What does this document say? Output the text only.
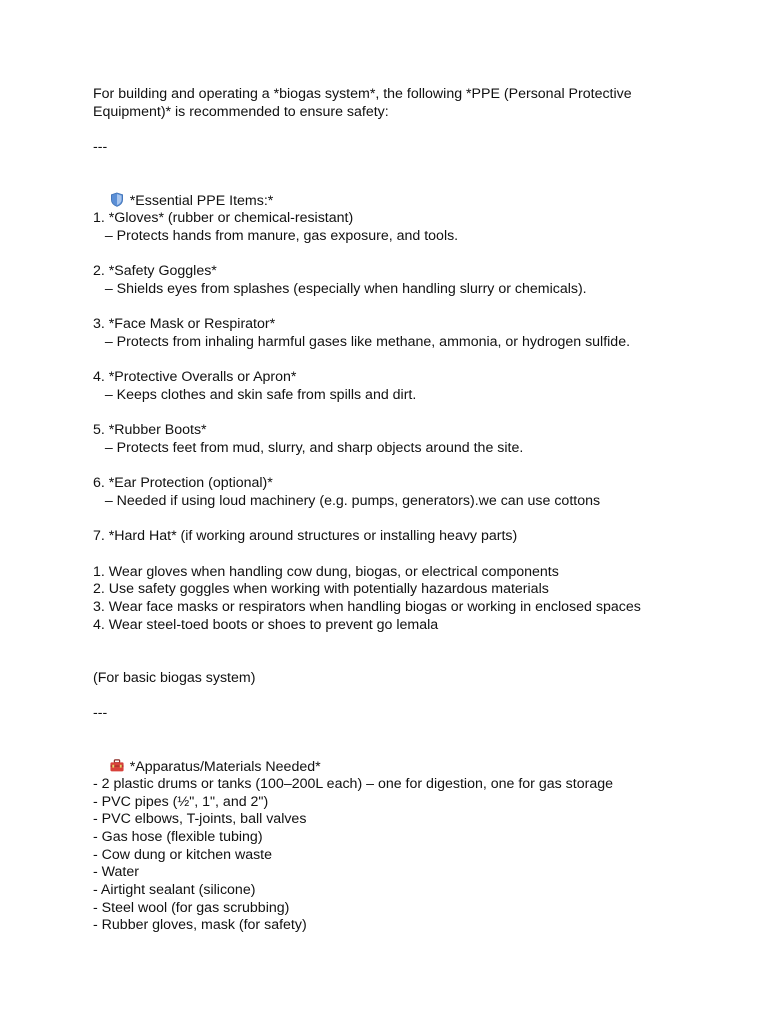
For building and operating a *biogas system*, the following *PPE (Personal Protective
Equipment)* is recommended to ensure safety:
---

*Essential PPE Items:*

1. *Gloves* (rubber or chemical-resistant)
– Protects hands from manure, gas exposure, and tools.
2. *Safety Goggles*
– Shields eyes from splashes (especially when handling slurry or chemicals).
3. *Face Mask or Respirator*
– Protects from inhaling harmful gases like methane, ammonia, or hydrogen sulfide.
4. *Protective Overalls or Apron*
– Keeps clothes and skin safe from spills and dirt.
5. *Rubber Boots*
– Protects feet from mud, slurry, and sharp objects around the site.
6. *Ear Protection (optional)*
– Needed if using loud machinery (e.g. pumps, generators).we can use cottons
7. *Hard Hat* (if working around structures or installing heavy parts)
1. Wear gloves when handling cow dung, biogas, or electrical components
2. Use safety goggles when working with potentially hazardous materials
3. Wear face masks or respirators when handling biogas or working in enclosed spaces
4. Wear steel-toed boots or shoes to prevent go lemala
(For basic biogas system)
---

*Apparatus/Materials Needed*

- 2 plastic drums or tanks (100–200L each) – one for digestion, one for gas storage
- PVC pipes (½", 1", and 2")
- PVC elbows, T-joints, ball valves
- Gas hose (flexible tubing)
- Cow dung or kitchen waste
- Water
- Airtight sealant (silicone)
- Steel wool (for gas scrubbing)
- Rubber gloves, mask (for safety)
